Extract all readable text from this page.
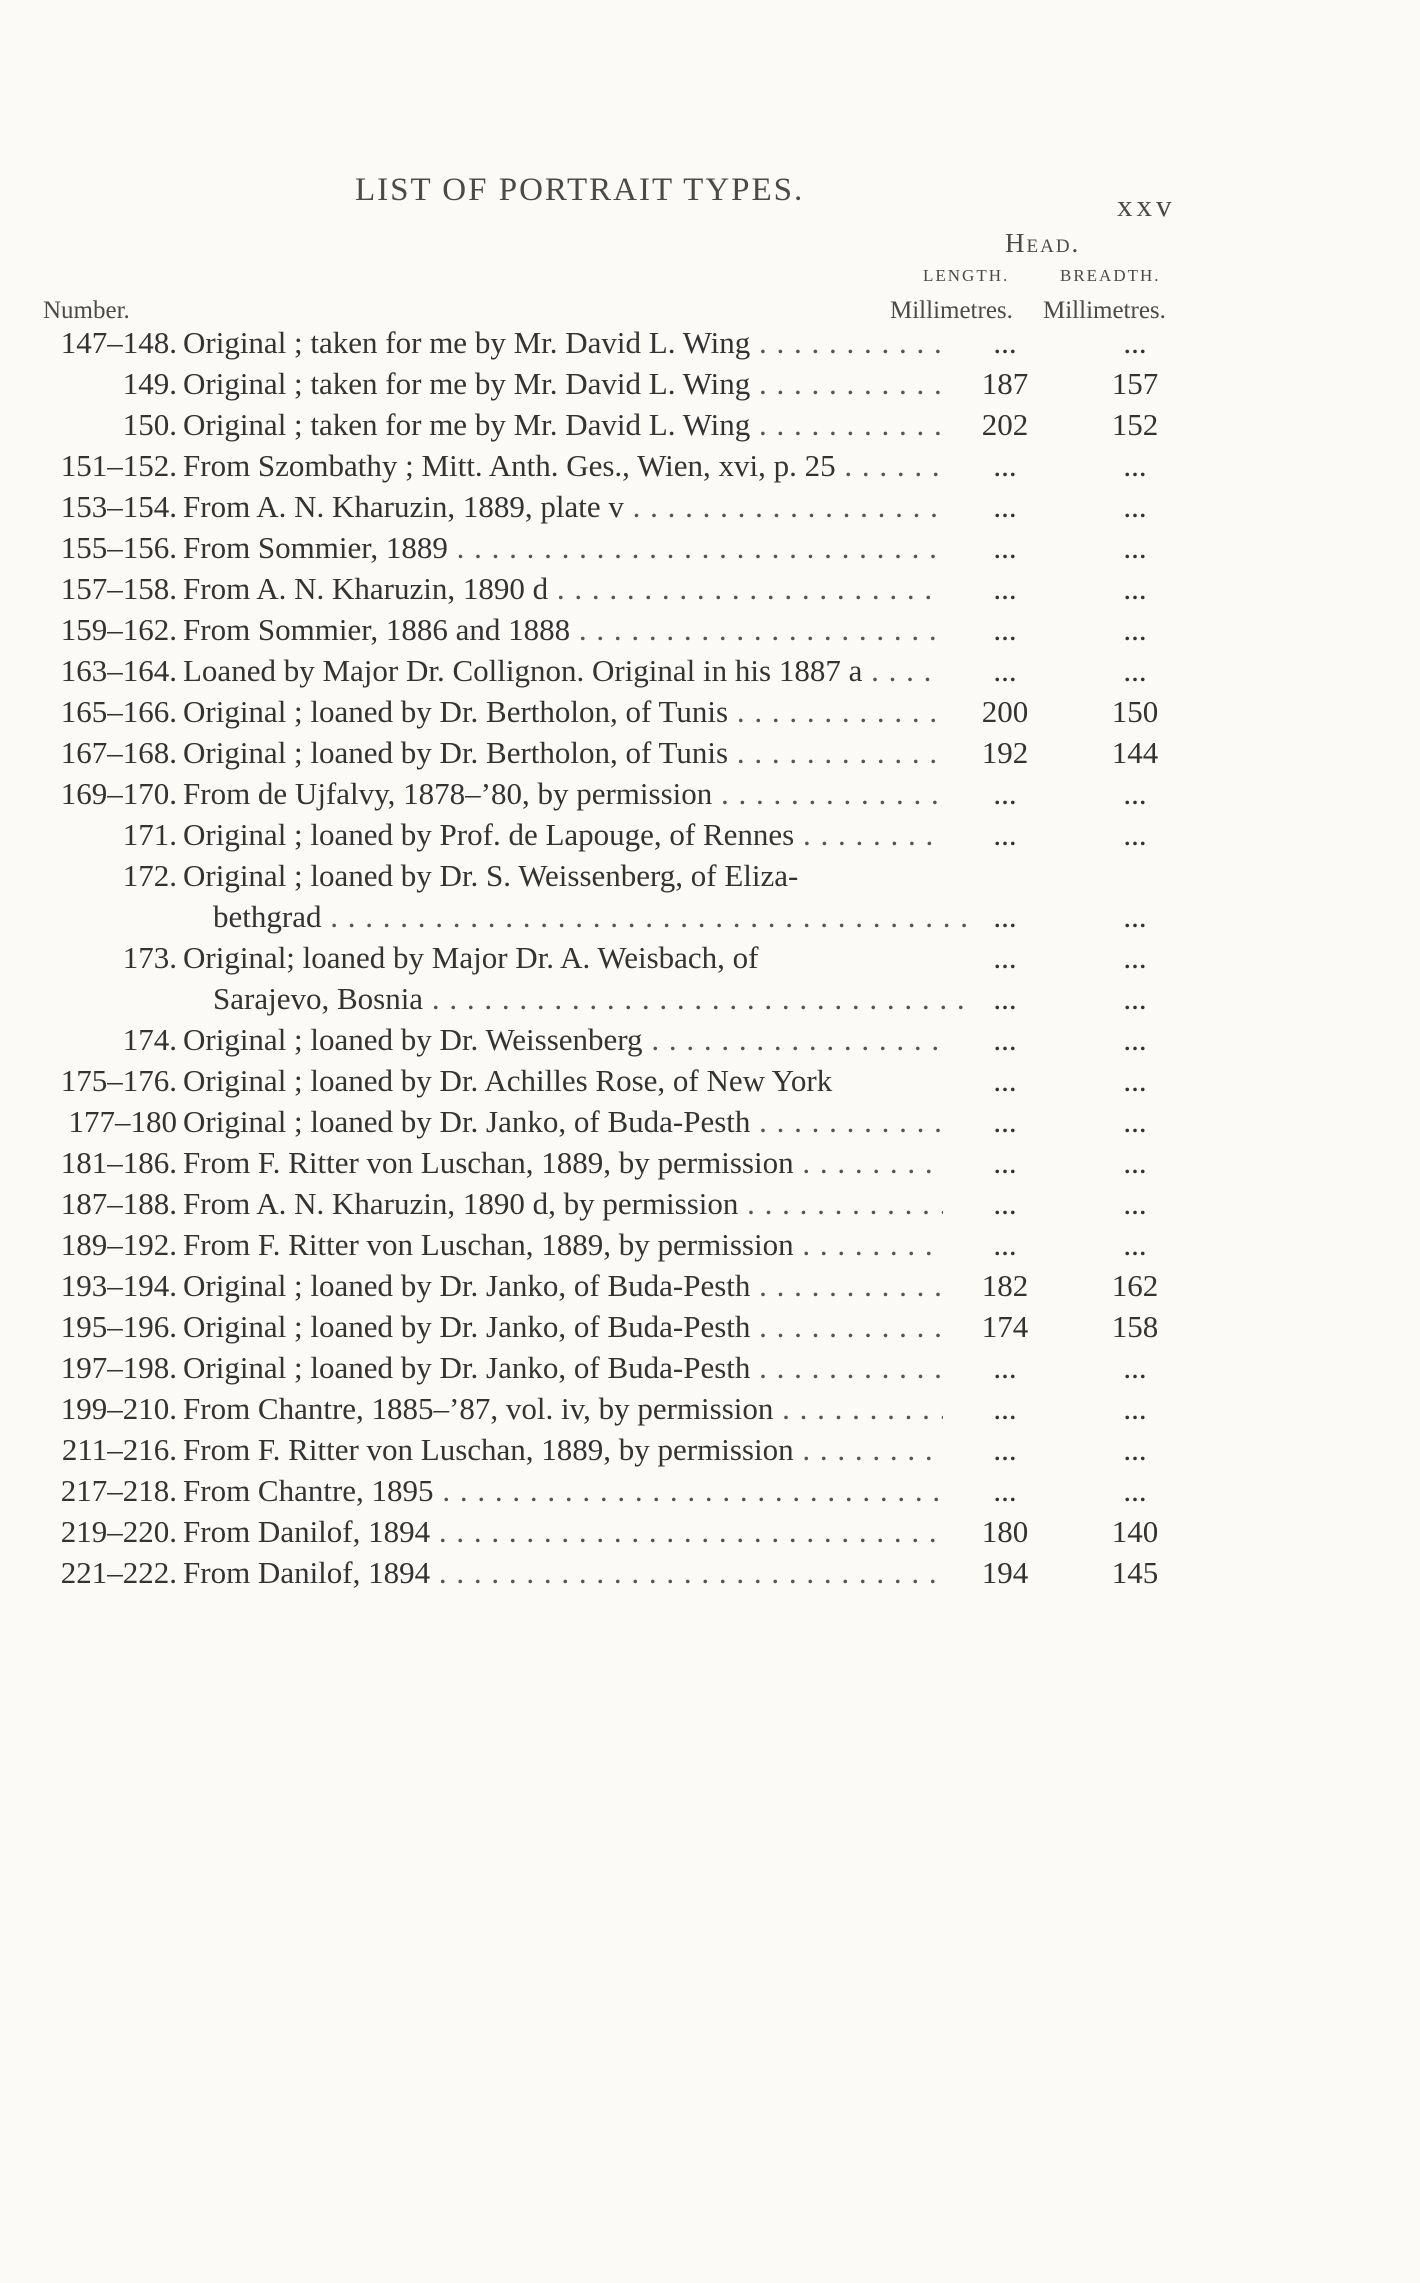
LIST OF PORTRAIT TYPES.	xxv
Head.
LENGTH.	BREADTH.
Number.	Millimetres. Millimetres.
147–148. Original ; taken for me by Mr. David L. Wing . . .	...	...
149. Original ; taken for me by Mr. David L. Wing . . .	187	157
150. Original ; taken for me by Mr. David L. Wing . . .	202	152
151–152. From Szombathy ; Mitt. Anth. Ges., Wien, xvi, p. 25 . . .	...	...
153–154. From A. N. Kharuzin, 1889, plate v . . .	...	...
155–156. From Sommier, 1889 . . .	...	...
157–158. From A. N. Kharuzin, 1890 d . . .	...	...
159–162. From Sommier, 1886 and 1888 . . .	...	...
163–164. Loaned by Major Dr. Collignon. Original in his 1887 a . . .	...	...
165–166. Original ; loaned by Dr. Bertholon, of Tunis . . .	200	150
167–168. Original ; loaned by Dr. Bertholon, of Tunis . . .	192	144
169–170. From de Ujfalvy, 1878–’80, by permission . . .	...	...
171. Original ; loaned by Prof. de Lapouge, of Rennes . . .	...	...
172. Original ; loaned by Dr. S. Weissenberg, of Eliza-
bethgrad . . .	...	...
173. Original; loaned by Major Dr. A. Weisbach, of	...	...
Sarajevo, Bosnia . . .	...	...
174. Original ; loaned by Dr. Weissenberg . . .	...	...
175–176. Original ; loaned by Dr. Achilles Rose, of New York	...	...
177–180 Original ; loaned by Dr. Janko, of Buda-Pesth . . .	...	...
181–186. From F. Ritter von Luschan, 1889, by permission . . .	...	...
187–188. From A. N. Kharuzin, 1890 d, by permission . . .	...	...
189–192. From F. Ritter von Luschan, 1889, by permission . . .	...	...
193–194. Original ; loaned by Dr. Janko, of Buda-Pesth . . .	182	162
195–196. Original ; loaned by Dr. Janko, of Buda-Pesth . . .	174	158
197–198. Original ; loaned by Dr. Janko, of Buda-Pesth . . .	...	...
199–210. From Chantre, 1885–’87, vol. iv, by permission . . .	...	...
211–216. From F. Ritter von Luschan, 1889, by permission . . .	...	...
217–218. From Chantre, 1895 . . .	...	...
219–220. From Danilof, 1894 . . .	180	140
221–222. From Danilof, 1894 . . .	194	145
